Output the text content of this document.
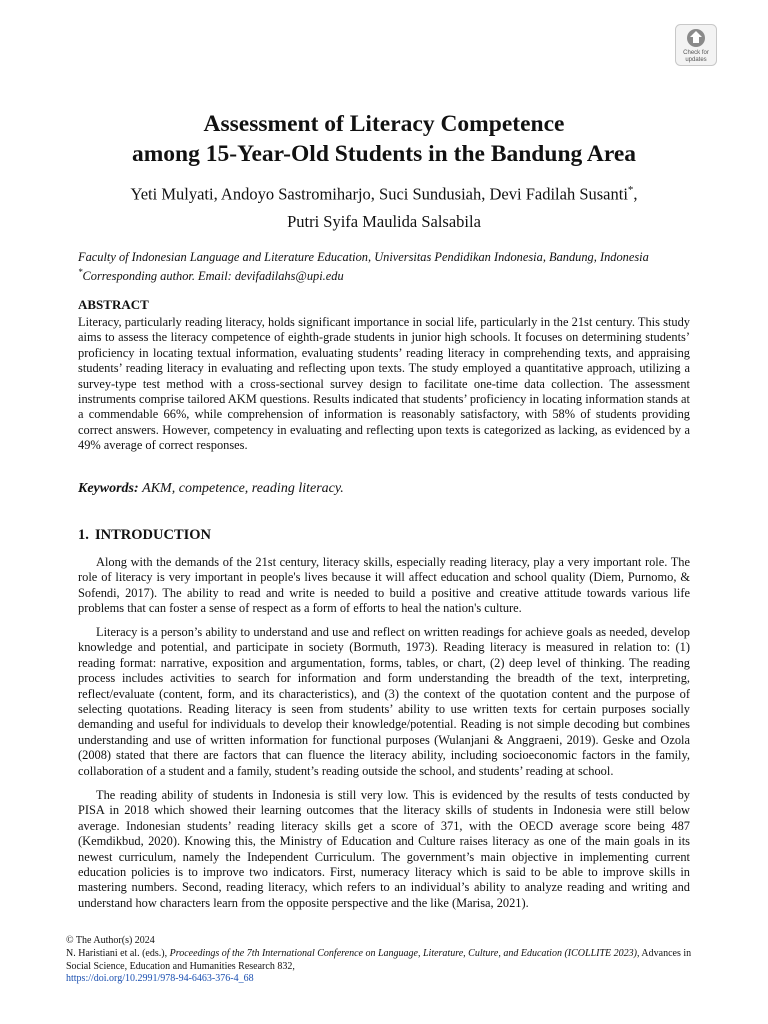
Check for
updates
Assessment of Literacy Competence
among 15-Year-Old Students in the Bandung Area
Yeti Mulyati, Andoyo Sastromiharjo, Suci Sundusiah, Devi Fadilah Susanti*,
Putri Syifa Maulida Salsabila
Faculty of Indonesian Language and Literature Education, Universitas Pendidikan Indonesia, Bandung, Indonesia
*Corresponding author. Email: devifadilahs@upi.edu
ABSTRACT
Literacy, particularly reading literacy, holds significant importance in social life, particularly in the 21st century. This study aims to assess the literacy competence of eighth-grade students in junior high schools. It focuses on determining students’ proficiency in locating textual information, evaluating students’ reading literacy in comprehending texts, and appraising students’ reading literacy in evaluating and reflecting upon texts. The study employed a quantitative approach, utilizing a survey-type test method with a cross-sectional survey design to facilitate one-time data collection. The assessment instruments comprise tailored AKM questions. Results indicated that students’ proficiency in locating information stands at a commendable 66%, while comprehension of information is reasonably satisfactory, with 58% of students providing correct answers. However, competency in evaluating and reflecting upon texts is categorized as lacking, as evidenced by a 49% average of correct responses.
Keywords: AKM, competence, reading literacy.
1. INTRODUCTION

Along with the demands of the 21st century, literacy skills, especially reading literacy, play a very important role. The role of literacy is very important in people's lives because it will affect education and school quality (Diem, Purnomo, & Sofendi, 2017). The ability to read and write is needed to build a positive and creative attitude towards various life problems that can foster a sense of respect as a form of efforts to heal the nation's culture.

Literacy is a person’s ability to understand and use and reflect on written readings for achieve goals as needed, develop knowledge and potential, and participate in society (Bormuth, 1973). Reading literacy is measured in relation to: (1) reading format: narrative, exposition and argumentation, forms, tables, or chart, (2) deep level of thinking. The reading process includes activities to search for information and form understanding the breadth of the text, interpreting, reflect/evaluate (content, form, and its characteristics), and (3) the context of the quotation content and the purpose of selecting quotations. Reading literacy is seen from students’ ability to use written texts for certain purposes socially demanding and useful for individuals to develop their knowledge/potential. Reading is not simple decoding but combines understanding and use of written information for functional purposes (Wulanjani & Anggraeni, 2019). Geske and Ozola (2008) stated that there are factors that can fluence the literacy ability, including socioeconomic factors in the family, collaboration of a student and a family, student’s reading outside the school, and students’ reading at school.

The reading ability of students in Indonesia is still very low. This is evidenced by the results of tests conducted by PISA in 2018 which showed their learning outcomes that the literacy skills of students in Indonesia were still below average. Indonesian students’ reading literacy skills get a score of 371, with the OECD average score being 487 (Kemdikbud, 2020). Knowing this, the Ministry of Education and Culture raises literacy as one of the main goals in its newest curriculum, namely the Independent Curriculum. The government’s main objective in implementing current education policies is to improve two indicators. First, numeracy literacy which is said to be able to improve skills in mastering numbers. Second, reading literacy, which refers to an individual’s ability to analyze reading and writing and understand how characters learn from the opposite perspective and the like (Marisa, 2021).

© The Author(s) 2024
N. Haristiani et al. (eds.), Proceedings of the 7th International Conference on Language, Literature, Culture, and Education (ICOLLITE 2023), Advances in Social Science, Education and Humanities Research 832,
https://doi.org/10.2991/978-94-6463-376-4_68
